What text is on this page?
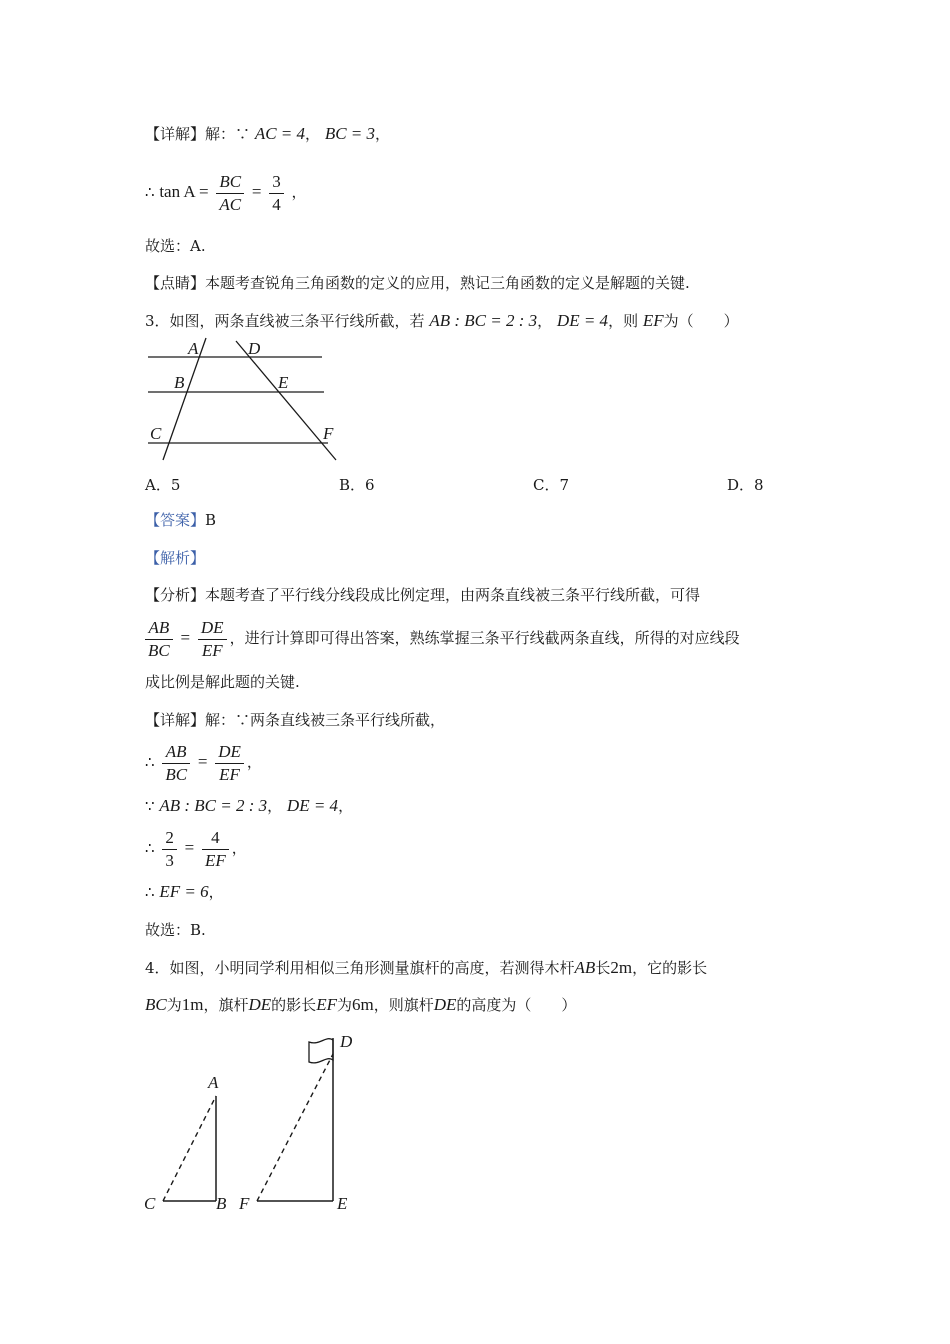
【详解】解：∵ AC = 4， BC = 3，
∴ $\tan A = \frac{BC}{AC} = \frac{3}{4}$ ，
故选：A.
【点睛】本题考查锐角三角函数的定义的应用，熟记三角函数的定义是解题的关键.
3．如图，两条直线被三条平行线所截，若 AB : BC = 2 : 3， DE = 4，则 EF为（　　）
A	D
B	E
C	F
A．5	B．6	C．7	D．8
【答案】B
【解析】
【分析】本题考查了平行线分线段成比例定理，由两条直线被三条平行线所截，可得
$\frac{AB}{BC} = \frac{DE}{EF}$ ，进行计算即可得出答案，熟练掌握三条平行线截两条直线，所得的对应线段
成比例是解此题的关键.
【详解】解：∵两条直线被三条平行线所截，
∴ $\frac{AB}{BC} = \frac{DE}{EF}$ ，
∵ AB : BC = 2 : 3， DE = 4，
∴ $\frac{2}{3} = \frac{4}{EF}$ ，
∴ EF = 6，
故选：B.
4．如图，小明同学利用相似三角形测量旗杆的高度，若测得木杆AB长2m，它的影长
BC为1m，旗杆DE的影长EF为6m，则旗杆DE的高度为（　　）
A
B
C
D
E
F
